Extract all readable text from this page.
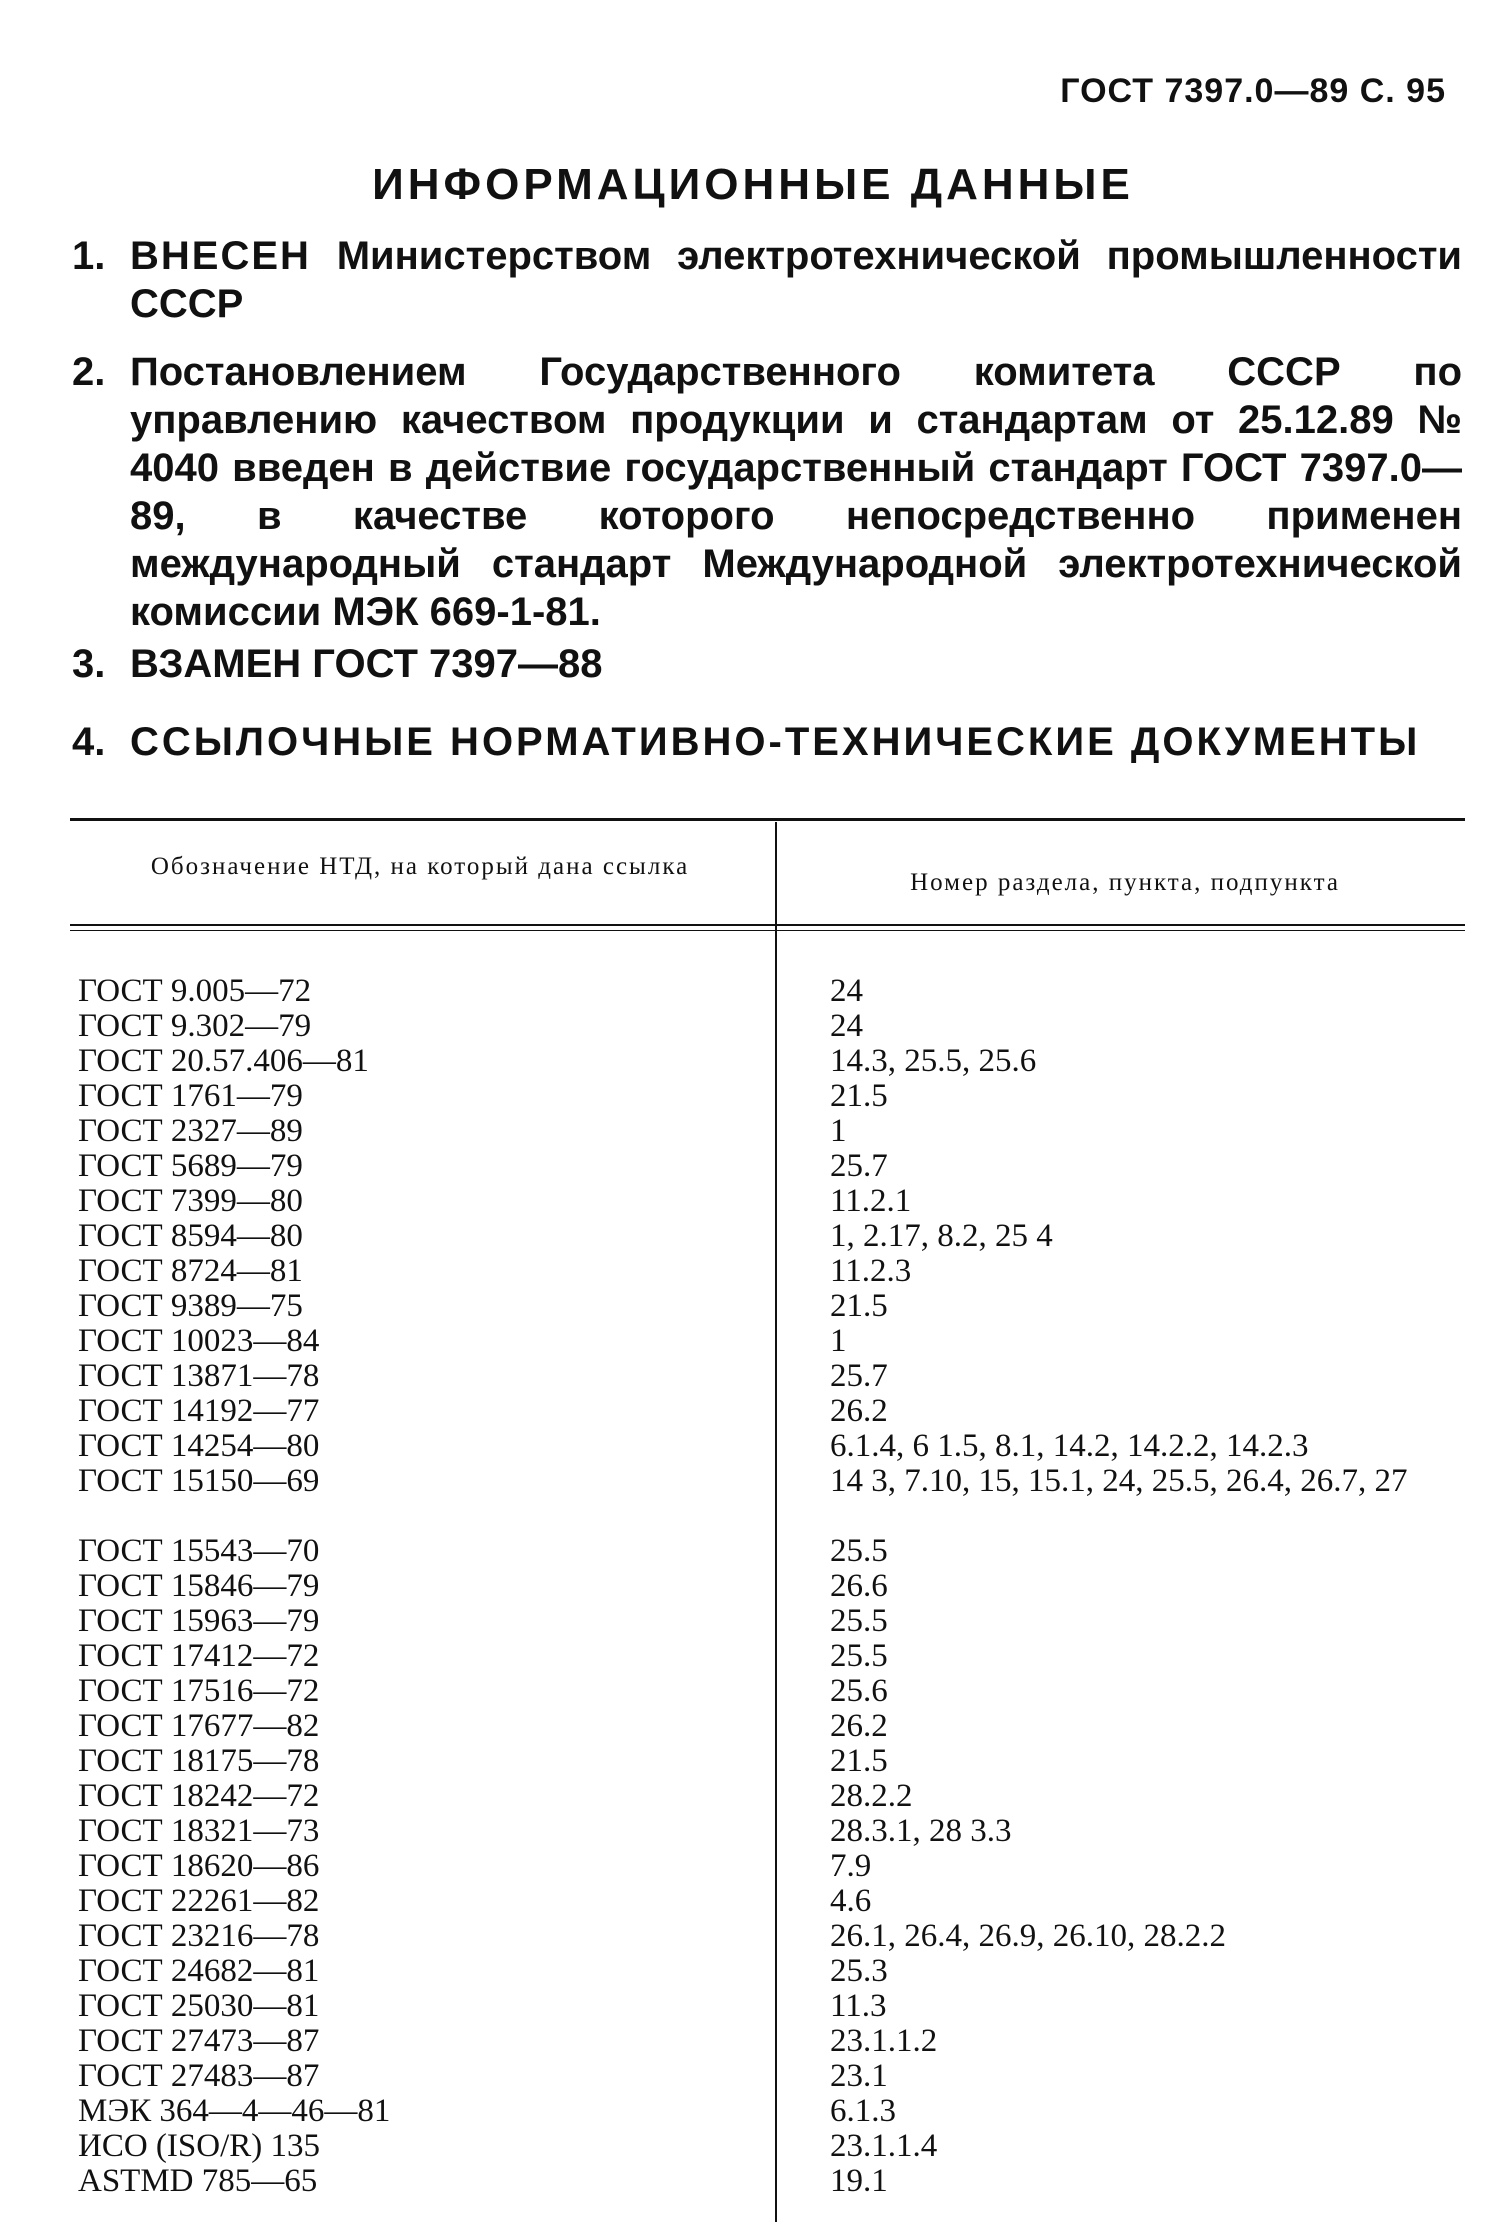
ГОСТ 7397.0—89 С. 95
ИНФОРМАЦИОННЫЕ ДАННЫЕ
1. ВНЕСЕН Министерством электротехнической промышленности СССР
2. Постановлением Государственного комитета СССР по управлению качеством продукции и стандартам от 25.12.89 № 4040 введен в действие государственный стандарт ГОСТ 7397.0—89, в качестве которого непосредственно применен международный стандарт Международной электротехнической комиссии МЭК 669-1-81.
3. ВЗАМЕН ГОСТ 7397—88
4. ССЫЛОЧНЫЕ НОРМАТИВНО-ТЕХНИЧЕСКИЕ ДОКУМЕНТЫ
Обозначение НТД, на который дана ссылка
Номер раздела, пункта, подпункта
ГОСТ 9.005—72
ГОСТ 9.302—79
ГОСТ 20.57.406—81
ГОСТ 1761—79
ГОСТ 2327—89
ГОСТ 5689—79
ГОСТ 7399—80
ГОСТ 8594—80
ГОСТ 8724—81
ГОСТ 9389—75
ГОСТ 10023—84
ГОСТ 13871—78
ГОСТ 14192—77
ГОСТ 14254—80
ГОСТ 15150—69
ГОСТ 15543—70
ГОСТ 15846—79
ГОСТ 15963—79
ГОСТ 17412—72
ГОСТ 17516—72
ГОСТ 17677—82
ГОСТ 18175—78
ГОСТ 18242—72
ГОСТ 18321—73
ГОСТ 18620—86
ГОСТ 22261—82
ГОСТ 23216—78
ГОСТ 24682—81
ГОСТ 25030—81
ГОСТ 27473—87
ГОСТ 27483—87
МЭК 364—4—46—81
ИСО (ISO/R) 135
ASTMD 785—65
24
24
14.3, 25.5, 25.6
21.5
1
25.7
11.2.1
1, 2.17, 8.2, 25 4
11.2.3
21.5
1
25.7
26.2
6.1.4, 6 1.5, 8.1, 14.2, 14.2.2, 14.2.3
14 3, 7.10, 15, 15.1, 24, 25.5, 26.4, 26.7, 27
25.5
26.6
25.5
25.5
25.6
26.2
21.5
28.2.2
28.3.1, 28 3.3
7.9
4.6
26.1, 26.4, 26.9, 26.10, 28.2.2
25.3
11.3
23.1.1.2
23.1
6.1.3
23.1.1.4
19.1
